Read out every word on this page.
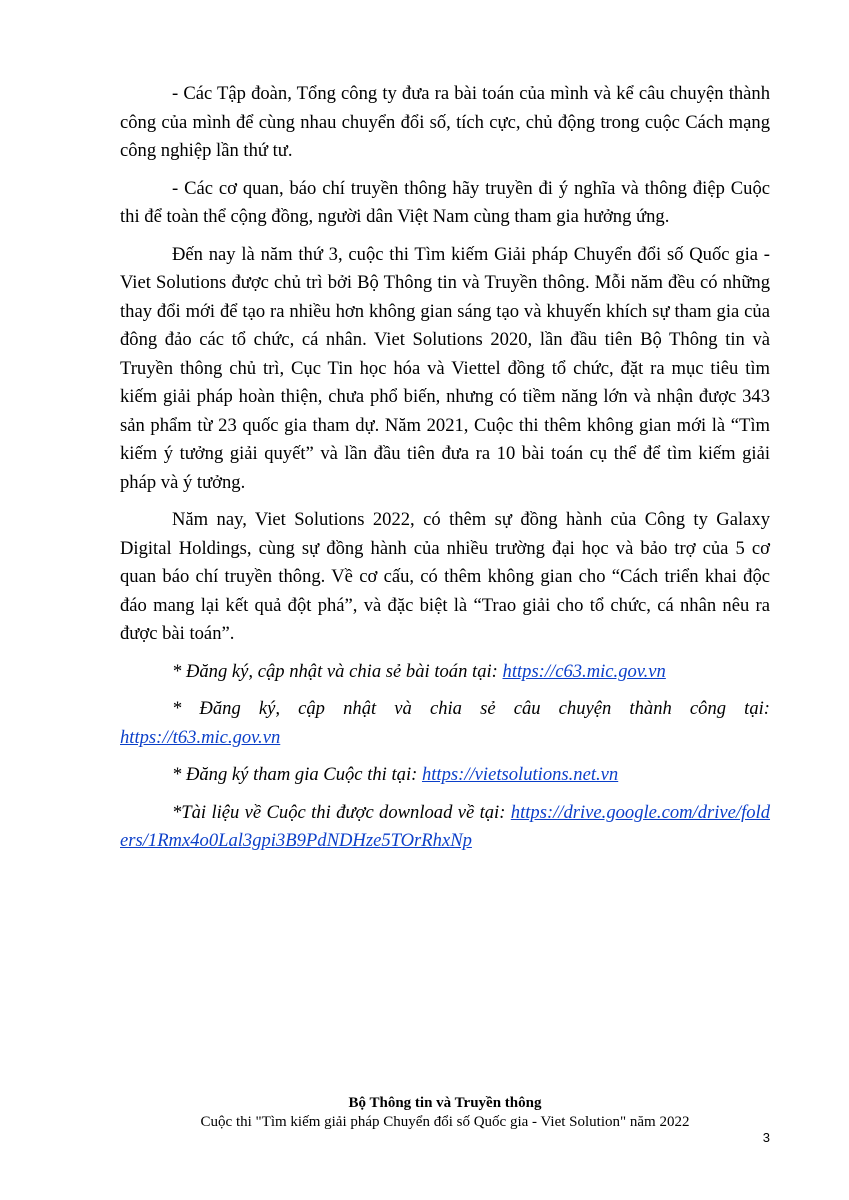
- Các Tập đoàn, Tổng công ty đưa ra bài toán của mình và kể câu chuyện thành công của mình để cùng nhau chuyển đổi số, tích cực, chủ động trong cuộc Cách mạng công nghiệp lần thứ tư.

- Các cơ quan, báo chí truyền thông hãy truyền đi ý nghĩa và thông điệp Cuộc thi để toàn thể cộng đồng, người dân Việt Nam cùng tham gia hưởng ứng.

Đến nay là năm thứ 3, cuộc thi Tìm kiếm Giải pháp Chuyển đổi số Quốc gia - Viet Solutions được chủ trì bởi Bộ Thông tin và Truyền thông. Mỗi năm đều có những thay đổi mới để tạo ra nhiều hơn không gian sáng tạo và khuyến khích sự tham gia của đông đảo các tổ chức, cá nhân. Viet Solutions 2020, lần đầu tiên Bộ Thông tin và Truyền thông chủ trì, Cục Tin học hóa và Viettel đồng tổ chức, đặt ra mục tiêu tìm kiếm giải pháp hoàn thiện, chưa phổ biến, nhưng có tiềm năng lớn và nhận được 343 sản phẩm từ 23 quốc gia tham dự. Năm 2021, Cuộc thi thêm không gian mới là “Tìm kiếm ý tưởng giải quyết” và lần đầu tiên đưa ra 10 bài toán cụ thể để tìm kiếm giải pháp và ý tưởng.

Năm nay, Viet Solutions 2022, có thêm sự đồng hành của Công ty Galaxy Digital Holdings, cùng sự đồng hành của nhiều trường đại học và bảo trợ của 5 cơ quan báo chí truyền thông. Về cơ cấu, có thêm không gian cho “Cách triển khai độc đáo mang lại kết quả đột phá”, và đặc biệt là “Trao giải cho tổ chức, cá nhân nêu ra được bài toán”.

* Đăng ký, cập nhật và chia sẻ bài toán tại: https://c63.mic.gov.vn

* Đăng ký, cập nhật và chia sẻ câu chuyện thành công tại: https://t63.mic.gov.vn

* Đăng ký tham gia Cuộc thi tại: https://vietsolutions.net.vn

*Tài liệu về Cuộc thi được download về tại: https://drive.google.com/drive/folders/1Rmx4o0Lal3gpi3B9PdNDHze5TOrRhxNp

Bộ Thông tin và Truyền thông
Cuộc thi "Tìm kiếm giải pháp Chuyển đổi số Quốc gia - Viet Solution" năm 2022
3
